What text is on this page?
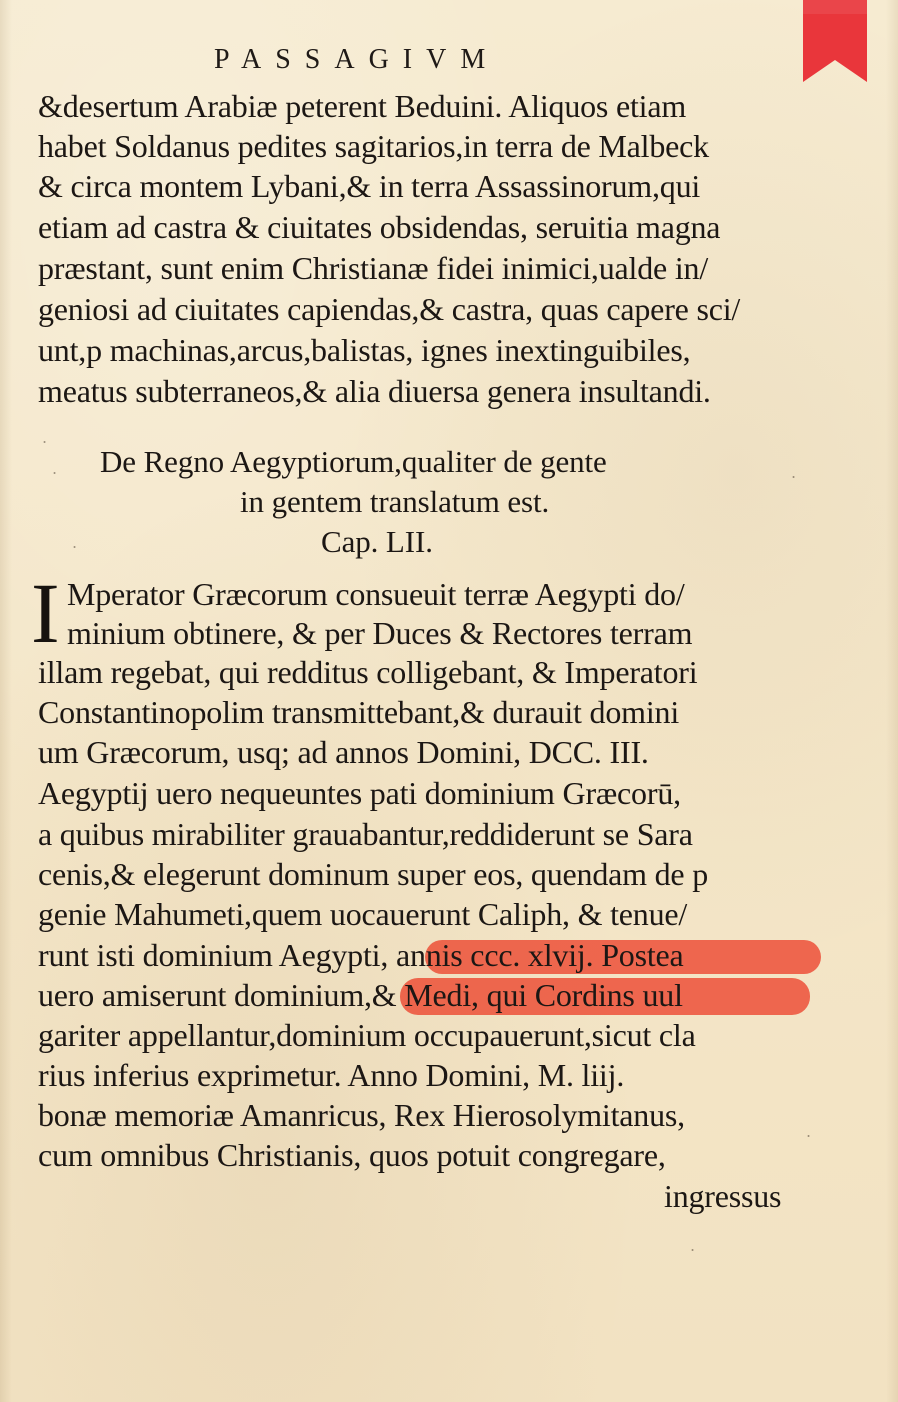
PASSAGIVM
&desertum Arabiæ peterent Beduini. Aliquos etiam
habet Soldanus pedites sagitarios,in terra de Malbeck
& circa montem Lybani,& in terra Assassinorum,qui
etiam ad castra & ciuitates obsidendas, seruitia magna
præstant, sunt enim Christianæ fidei inimici,ualde in/
geniosi ad ciuitates capiendas,& castra, quas capere sci/
unt,p machinas,arcus,balistas, ignes inextinguibiles,
meatus subterraneos,& alia diuersa genera insultandi.
De Regno Aegyptiorum,qualiter de gente
in gentem translatum est.
Cap. LII.
I Mperator Græcorum consueuit terræ Aegypti do/
minium obtinere, & per Duces & Rectores terram
illam regebat, qui redditus colligebant, & Imperatori
Constantinopolim transmittebant,& durauit domini
um Græcorum, usq; ad annos Domini, DCC. III.
Aegyptij uero nequeuntes pati dominium Græcorū,
a quibus mirabiliter grauabantur,reddiderunt se Sara
cenis,& elegerunt dominum super eos, quendam de p
genie Mahumeti,quem uocauerunt Caliph, & tenue/
runt isti dominium Aegypti, annis ccc. xlvij. Postea
uero amiserunt dominium,& Medi, qui Cordins uul
gariter appellantur,dominium occupauerunt,sicut cla
rius inferius exprimetur. Anno Domini, M. liij.
bonæ memoriæ Amanricus, Rex Hierosolymitanus,
cum omnibus Christianis, quos potuit congregare,
ingressus
.
.
.
.
.
.
